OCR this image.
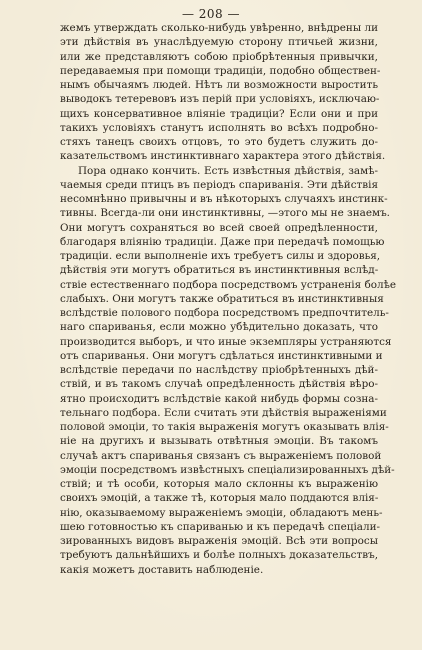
— 208 —
жемъ утверждать сколько-нибудь увѣренно, внѣдрены ли
эти дѣйствія въ унаслѣдуемую сторону птичьей жизни,
или же представляютъ собою пріобрѣтенныя привычки,
передаваемыя при помощи традиціи, подобно обществен-
нымъ обычаямъ людей. Нѣтъ ли возможности выростить
выводокъ тетеревовъ изъ перій при условіяхъ, исключаю-
щихъ консервативное вліяніе традиціи? Если они и при
такихъ условіяхъ станутъ исполнять во всѣхъ подробно-
стяхъ танецъ своихъ отцовъ, то это будетъ служить до-
казательствомъ инстинктивнаго характера этого дѣйствія.
Пора однако кончить. Есть извѣстныя дѣйствія, замѣ-
чаемыя среди птицъ въ періодъ спариванія. Эти дѣйствія
несомнѣнно привычны и въ нѣкоторыхъ случаяхъ инстинк-
тивны. Всегда-ли они инстинктивны, —этого мы не знаемъ.
Они могутъ сохраняться во всей своей опредѣленности,
благодаря вліянію традиціи. Даже при передачѣ помощью
традиціи. если выполненіе ихъ требуетъ силы и здоровья,
дѣйствія эти могутъ обратиться въ инстинктивныя вслѣд-
ствіе естественнаго подбора посредствомъ устраненія болѣе
слабыхъ. Они могутъ также обратиться въ инстинктивныя
вслѣдствіе полового подбора посредствомъ предпочтитель-
наго спариванья, если можно убѣдительно доказать, что
производится выборъ, и что иные экземпляры устраняются
отъ спариванья. Они могутъ сдѣлаться инстинктивными и
вслѣдствіе передачи по наслѣдству пріобрѣтенныхъ дѣй-
ствій, и въ такомъ случаѣ опредѣленность дѣйствія вѣро-
ятно происходитъ вслѣдствіе какой нибудь формы созна-
тельнаго подбора. Если считать эти дѣйствія выраженіями
половой эмоціи, то такія выраженія могутъ оказывать влія-
ніе на другихъ и вызывать отвѣтныя эмоціи. Въ такомъ
случаѣ актъ спариванья связанъ съ выраженіемъ половой
эмоціи посредствомъ извѣстныхъ спеціализированныхъ дѣй-
ствій; и тѣ особи, которыя мало склонны къ выраженію
своихъ эмоцій, а также тѣ, которыя мало поддаются влія-
нію, оказываемому выраженіемъ эмоціи, обладаютъ мень-
шею готовностью къ спариванью и къ передачѣ спеціали-
зированныхъ видовъ выраженія эмоцій. Всѣ эти вопросы
требуютъ дальнѣйшихъ и болѣе полныхъ доказательствъ,
какія можетъ доставить наблюденіе.
